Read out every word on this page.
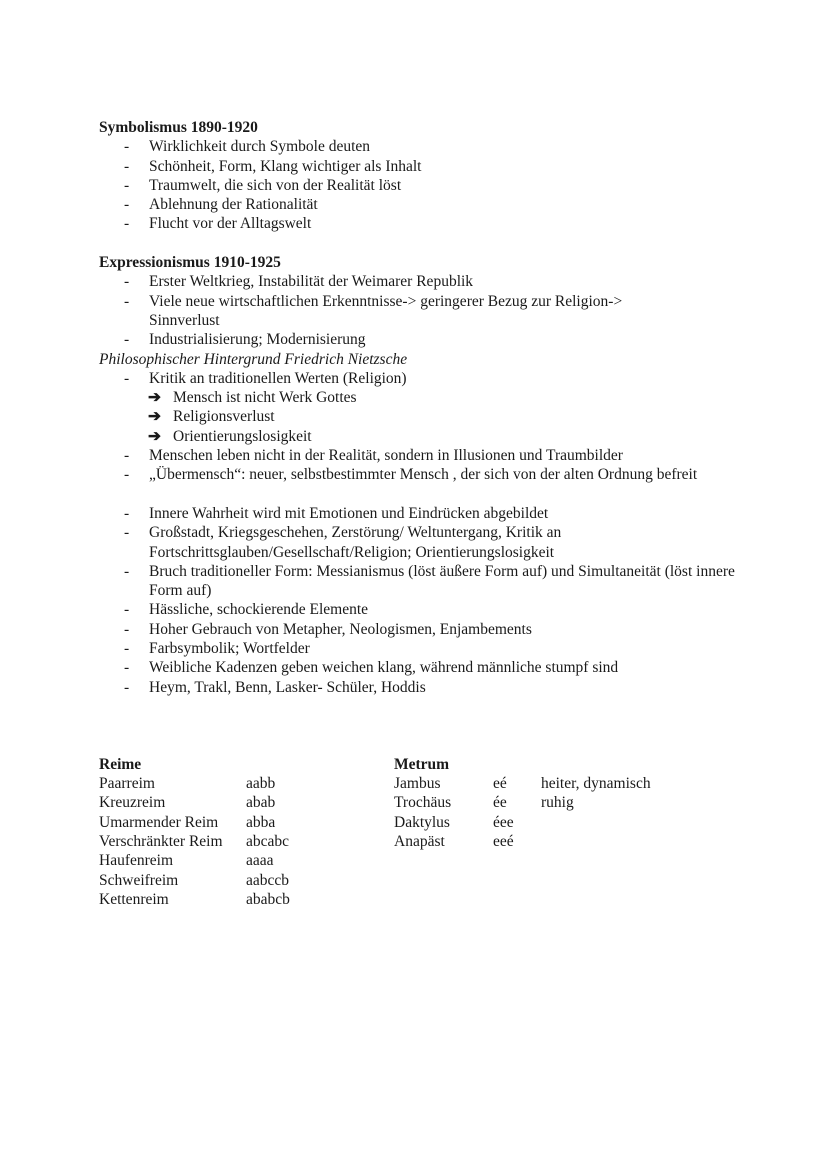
Symbolismus 1890-1920
- Wirklichkeit durch Symbole deuten
- Schönheit, Form, Klang wichtiger als Inhalt
- Traumwelt, die sich von der Realität löst
- Ablehnung der Rationalität
- Flucht vor der Alltagswelt
Expressionismus 1910-1925
- Erster Weltkrieg, Instabilität der Weimarer Republik
- Viele neue wirtschaftlichen Erkenntnisse-> geringerer Bezug zur Religion-> Sinnverlust
- Industrialisierung; Modernisierung
Philosophischer Hintergrund Friedrich Nietzsche
- Kritik an traditionellen Werten (Religion)
➔ Mensch ist nicht Werk Gottes
➔ Religionsverlust
➔ Orientierungslosigkeit
- Menschen leben nicht in der Realität, sondern in Illusionen und Traumbilder
- „Übermensch“: neuer, selbstbestimmter Mensch , der sich von der alten Ordnung befreit
- Innere Wahrheit wird mit Emotionen und Eindrücken abgebildet
- Großstadt, Kriegsgeschehen, Zerstörung/ Weltuntergang, Kritik an Fortschrittsglauben/Gesellschaft/Religion; Orientierungslosigkeit
- Bruch traditioneller Form: Messianismus (löst äußere Form auf) und Simultaneität (löst innere Form auf)
- Hässliche, schockierende Elemente
- Hoher Gebrauch von Metapher, Neologismen, Enjambements
- Farbsymbolik; Wortfelder
- Weibliche Kadenzen geben weichen klang, während männliche stumpf sind
- Heym, Trakl, Benn, Lasker- Schüler, Hoddis
Reime
Paarreim
Kreuzreim
Umarmender Reim
Verschränkter Reim
Haufenreim
Schweifreim
Kettenreim
aabb
abab
abba
abcabc
aaaa
aabccb
ababcb
Metrum
Jambus
Trochäus
Daktylus
Anapäst
eé
ée
éee
eeé
heiter, dynamisch
ruhig
